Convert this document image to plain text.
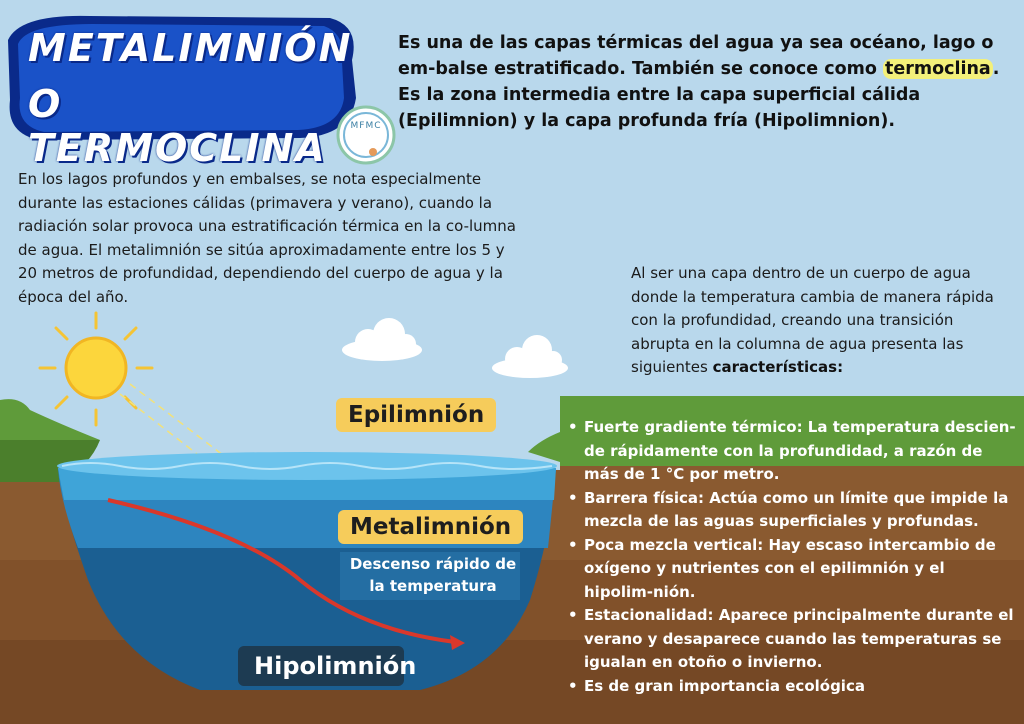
METALIMNIÓN
O TERMOCLINA	MFMC
Es una de las capas térmicas del agua ya sea océano, lago o em-balse estratificado. También se conoce como termoclina . Es la zona intermedia entre la capa superficial cálida (Epilimnion) y la capa profunda fría (Hipolimnion).
En los lagos profundos y en embalses, se nota especialmente durante las estaciones cálidas (primavera y verano), cuando la radiación solar provoca una estratificación térmica en la co-lumna de agua. El metalimnión se sitúa aproximadamente entre los 5 y 20 metros de profundidad, dependiendo del cuerpo de agua y la época del año.
Al ser una capa dentro de un cuerpo de agua donde la temperatura cambia de manera rápida con la profundidad, creando una transición abrupta en la columna de agua presenta las siguientes características:
Epilimnión
Metalimnión
Descenso rápido de la temperatura
Hipolimnión
• Fuerte gradiente térmico: La temperatura descien-de rápidamente con la profundidad, a razón de más de 1 °C por metro.
• Barrera física: Actúa como un límite que impide la mezcla de las aguas superficiales y profundas.
• Poca mezcla vertical: Hay escaso intercambio de oxígeno y nutrientes con el epilimnión y el hipolim-nión.
• Estacionalidad: Aparece principalmente durante el verano y desaparece cuando las temperaturas se igualan en otoño o invierno.
• Es de gran importancia ecológica
